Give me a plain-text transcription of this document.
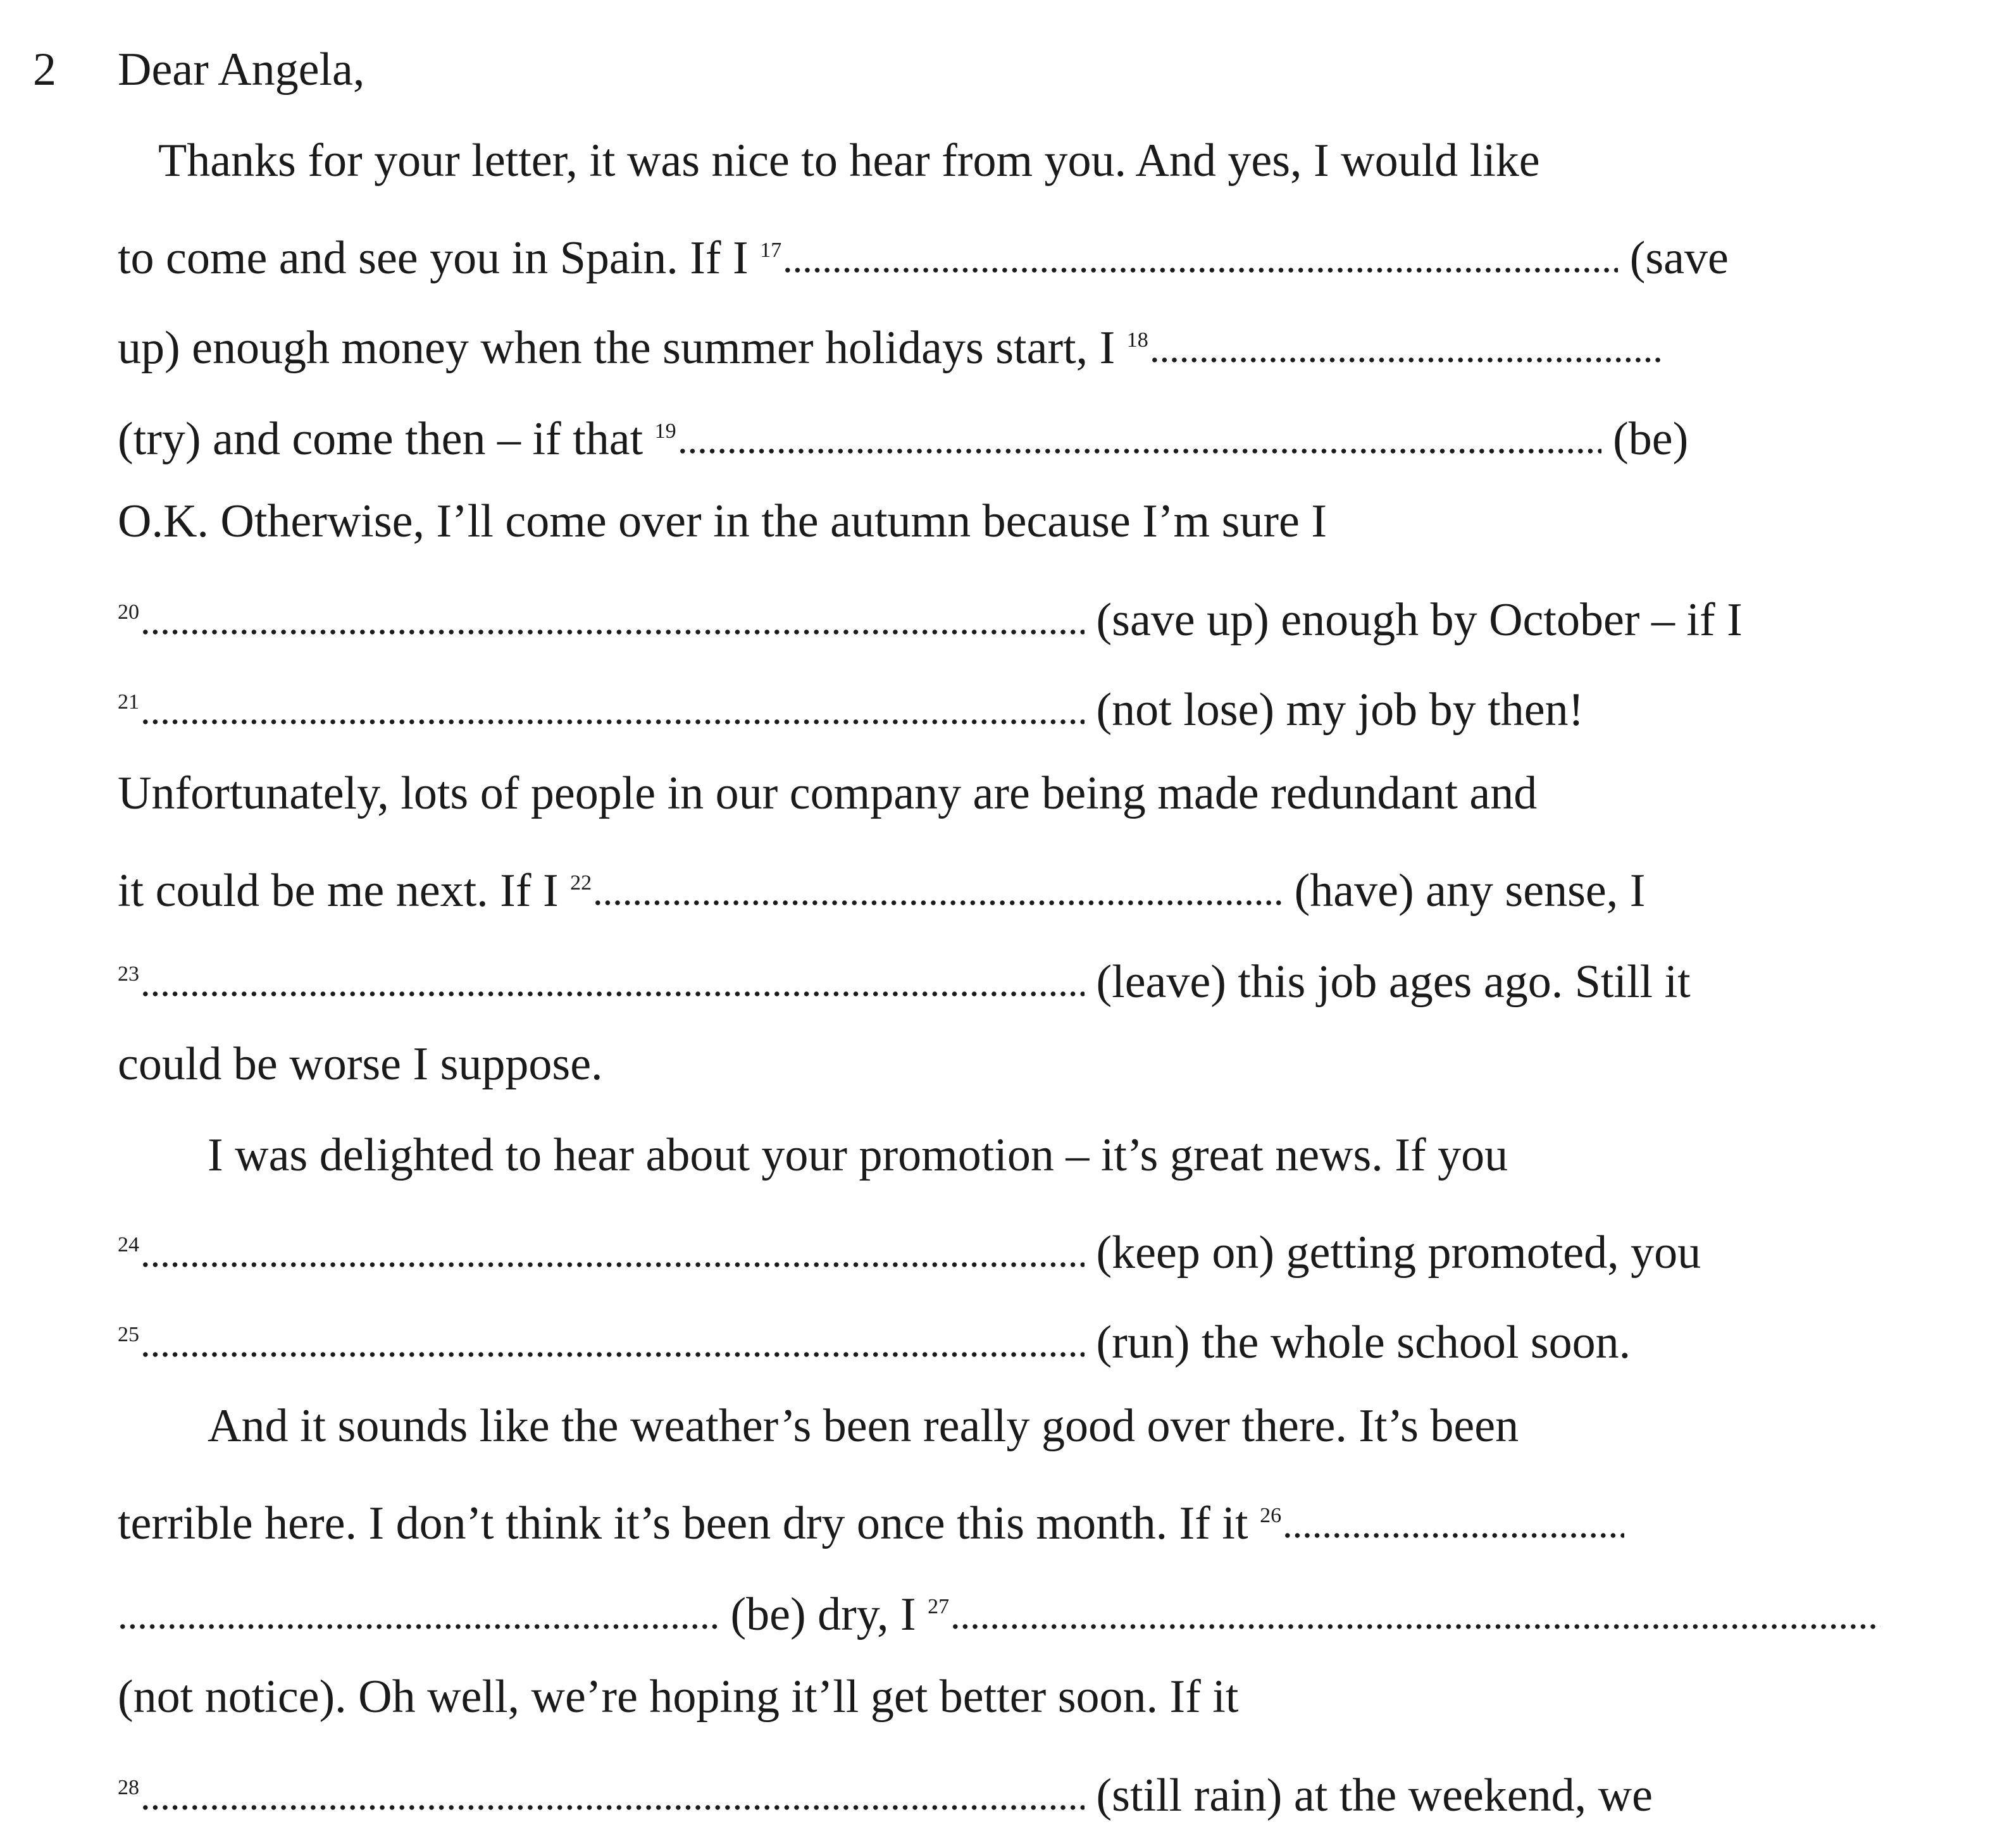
2 Dear Angela,
Thanks for your letter, it was nice to hear from you. And yes, I would like
to come and see you in Spain. If I $^{17}$	(save
up) enough money when the summer holidays start, I $^{18}$
(try) and come then – if that $^{19}$	(be)
O.K. Otherwise, I’ll come over in the autumn because I’m sure I
$^{20}$	(save up) enough by October – if I
$^{21}$	(not lose) my job by then!
Unfortunately, lots of people in our company are being made redundant and
it could be me next. If I $^{22}$	(have) any sense, I
$^{23}$	(leave) this job ages ago. Still it
could be worse I suppose.
I was delighted to hear about your promotion – it’s great news. If you
$^{24}$	(keep on) getting promoted, you
$^{25}$	(run) the whole school soon.
And it sounds like the weather’s been really good over there. It’s been
terrible here. I don’t think it’s been dry once this month. If it $^{26}$
(be) dry, I $^{27}$
(not notice). Oh well, we’re hoping it’ll get better soon. If it
$^{28}$	(still rain) at the weekend, we
